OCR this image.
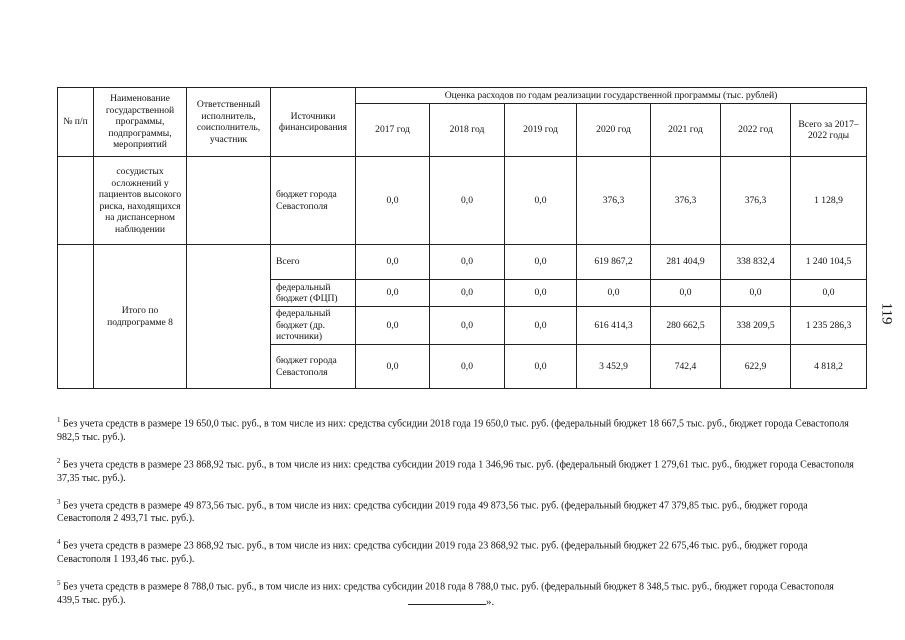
№ п/п	Наименование государственной программы, подпрограммы, мероприятий	Ответственный исполнитель, соисполнитель, участник	Источники финансирования	Оценка расходов по годам реализации государственной программы (тыс. рублей)						
				2017 год	2018 год	2019 год	2020 год	2021 год	2022 год	Всего за 2017–2022 годы
	сосудистых осложнений у пациентов высокого риска, находящихся на диспансерном наблюдении		бюджет города Севастополя	0,0	0,0	0,0	376,3	376,3	376,3	1 128,9
	Итого по подпрограмме 8		Всего	0,0	0,0	0,0	619 867,2	281 404,9	338 832,4	1 240 104,5
			федеральный бюджет (ФЦП)	0,0	0,0	0,0	0,0	0,0	0,0	0,0
			федеральный бюджет (др. источники)	0,0	0,0	0,0	616 414,3	280 662,5	338 209,5	1 235 286,3
			бюджет города Севастополя	0,0	0,0	0,0	3 452,9	742,4	622,9	4 818,2
119

$^1$ Без учета средств в размере 19 650,0 тыс. руб., в том числе из них: средства субсидии 2018 года 19 650,0 тыс. руб. (федеральный бюджет 18 667,5 тыс. руб., бюджет города Севастополя 982,5 тыс. руб.).

$^2$ Без учета средств в размере 23 868,92 тыс. руб., в том числе из них: средства субсидии 2019 года 1 346,96 тыс. руб. (федеральный бюджет 1 279,61 тыс. руб., бюджет города Севастополя 37,35 тыс. руб.).

$^3$ Без учета средств в размере 49 873,56 тыс. руб., в том числе из них: средства субсидии 2019 года 49 873,56 тыс. руб. (федеральный бюджет 47 379,85 тыс. руб., бюджет города Севастополя 2 493,71 тыс. руб.).

$^4$ Без учета средств в размере 23 868,92 тыс. руб., в том числе из них: средства субсидии 2019 года 23 868,92 тыс. руб. (федеральный бюджет 22 675,46 тыс. руб., бюджет города Севастополя 1 193,46 тыс. руб.).

$^5$ Без учета средств в размере 8 788,0 тыс. руб., в том числе из них: средства субсидии 2018 года 8 788,0 тыс. руб. (федеральный бюджет 8 348,5 тыс. руб., бюджет города Севастополя 439,5 тыс. руб.).	».
